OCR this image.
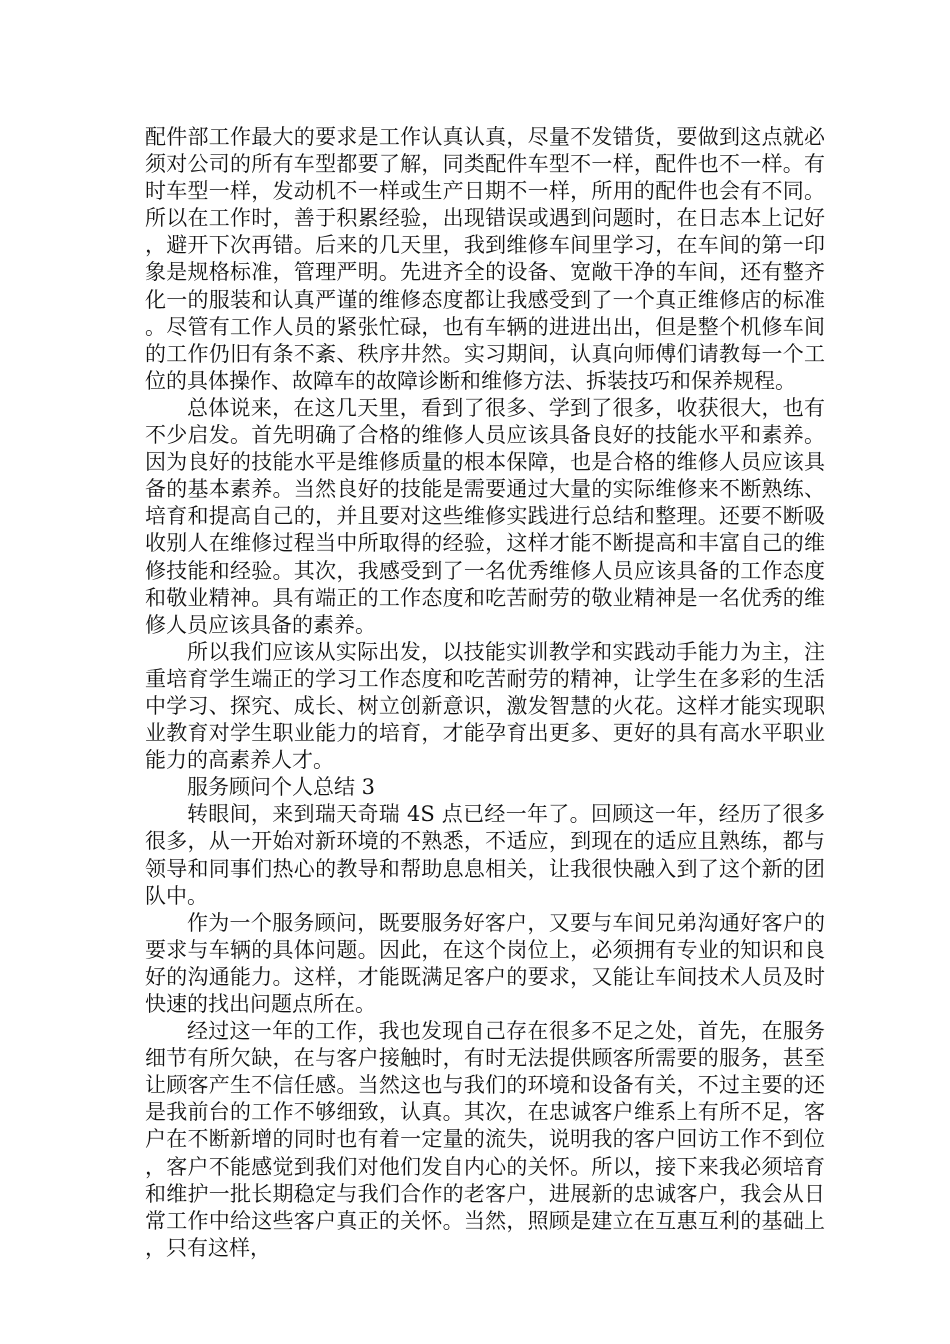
配件部工作最大的要求是工作认真认真，尽量不发错货，要做到这点就必须对公司的所有车型都要了解，同类配件车型不一样，配件也不一样。有时车型一样，发动机不一样或生产日期不一样，所用的配件也会有不同。所以在工作时，善于积累经验，出现错误或遇到问题时，在日志本上记好，避开下次再错。后来的几天里，我到维修车间里学习，在车间的第一印象是规格标准，管理严明。先进齐全的设备、宽敞干净的车间，还有整齐化一的服装和认真严谨的维修态度都让我感受到了一个真正维修店的标准。尽管有工作人员的紧张忙碌，也有车辆的进进出出，但是整个机修车间的工作仍旧有条不紊、秩序井然。实习期间，认真向师傅们请教每一个工位的具体操作、故障车的故障诊断和维修方法、拆装技巧和保养规程。

总体说来，在这几天里，看到了很多、学到了很多，收获很大，也有不少启发。首先明确了合格的维修人员应该具备良好的技能水平和素养。因为良好的技能水平是维修质量的根本保障，也是合格的维修人员应该具备的基本素养。当然良好的技能是需要通过大量的实际维修来不断熟练、培育和提高自己的，并且要对这些维修实践进行总结和整理。还要不断吸收别人在维修过程当中所取得的经验，这样才能不断提高和丰富自己的维修技能和经验。其次，我感受到了一名优秀维修人员应该具备的工作态度和敬业精神。具有端正的工作态度和吃苦耐劳的敬业精神是一名优秀的维修人员应该具备的素养。

所以我们应该从实际出发，以技能实训教学和实践动手能力为主，注重培育学生端正的学习工作态度和吃苦耐劳的精神，让学生在多彩的生活中学习、探究、成长、树立创新意识，激发智慧的火花。这样才能实现职业教育对学生职业能力的培育，才能孕育出更多、更好的具有高水平职业能力的高素养人才。

服务顾问个人总结 3

转眼间，来到瑞天奇瑞 4S 点已经一年了。回顾这一年，经历了很多很多，从一开始对新环境的不熟悉，不适应，到现在的适应且熟练，都与领导和同事们热心的教导和帮助息息相关，让我很快融入到了这个新的团队中。

作为一个服务顾问，既要服务好客户，又要与车间兄弟沟通好客户的要求与车辆的具体问题。因此，在这个岗位上，必须拥有专业的知识和良好的沟通能力。这样，才能既满足客户的要求，又能让车间技术人员及时快速的找出问题点所在。

经过这一年的工作，我也发现自己存在很多不足之处，首先，在服务细节有所欠缺，在与客户接触时，有时无法提供顾客所需要的服务，甚至让顾客产生不信任感。当然这也与我们的环境和设备有关，不过主要的还是我前台的工作不够细致，认真。其次，在忠诚客户维系上有所不足，客户在不断新增的同时也有着一定量的流失，说明我的客户回访工作不到位，客户不能感觉到我们对他们发自内心的关怀。所以，接下来我必须培育和维护一批长期稳定与我们合作的老客户，进展新的忠诚客户，我会从日常工作中给这些客户真正的关怀。当然，照顾是建立在互惠互利的基础上，只有这样，
